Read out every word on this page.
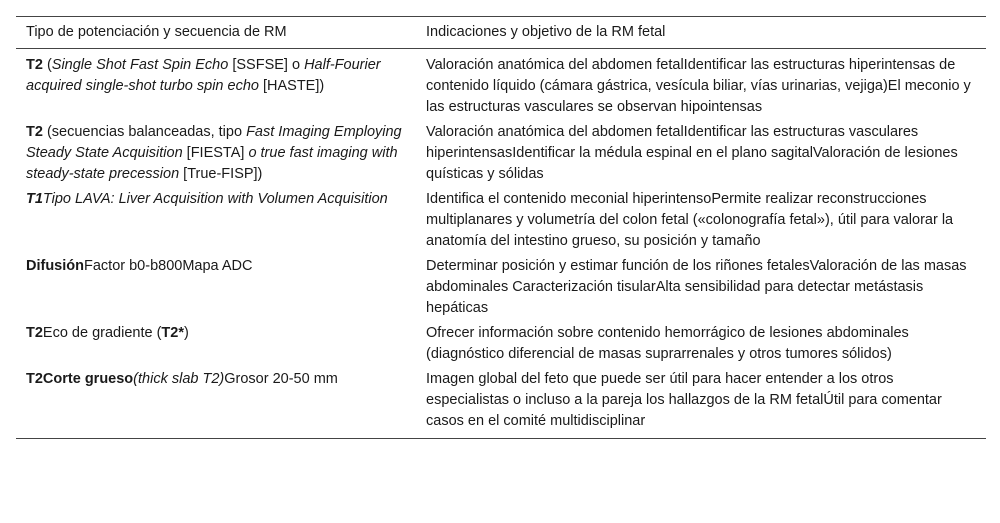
Tipo de potenciación y secuencia de RM	Indicaciones y objetivo de la RM fetal
T2 (Single Shot Fast Spin Echo [SSFSE] o Half-Fourier acquired single-shot turbo spin echo [HASTE])	Valoración anatómica del abdomen fetalIdentificar las estructuras hiperintensas de contenido líquido (cámara gástrica, vesícula biliar, vías urinarias, vejiga)El meconio y las estructuras vasculares se observan hipointensas
T2 (secuencias balanceadas, tipo Fast Imaging Employing Steady State Acquisition [FIESTA] o true fast imaging with steady-state precession [True-FISP])	Valoración anatómica del abdomen fetalIdentificar las estructuras vasculares hiperintensasIdentificar la médula espinal en el plano sagitalValoración de lesiones quísticas y sólidas
T1Tipo LAVA: Liver Acquisition with Volumen Acquisition	Identifica el contenido meconial hiperintensoPermite realizar reconstrucciones multiplanares y volumetría del colon fetal («colonografía fetal»), útil para valorar la anatomía del intestino grueso, su posición y tamaño
DifusiónFactor b0-b800Mapa ADC	Determinar posición y estimar función de los riñones fetalesValoración de las masas abdominales Caracterización tisularAlta sensibilidad para detectar metástasis hepáticas
T2Eco de gradiente (T2*)	Ofrecer información sobre contenido hemorrágico de lesiones abdominales (diagnóstico diferencial de masas suprarrenales y otros tumores sólidos)
T2Corte grueso(thick slab T2)Grosor 20-50 mm	Imagen global del feto que puede ser útil para hacer entender a los otros especialistas o incluso a la pareja los hallazgos de la RM fetalÚtil para comentar casos en el comité multidisciplinar
